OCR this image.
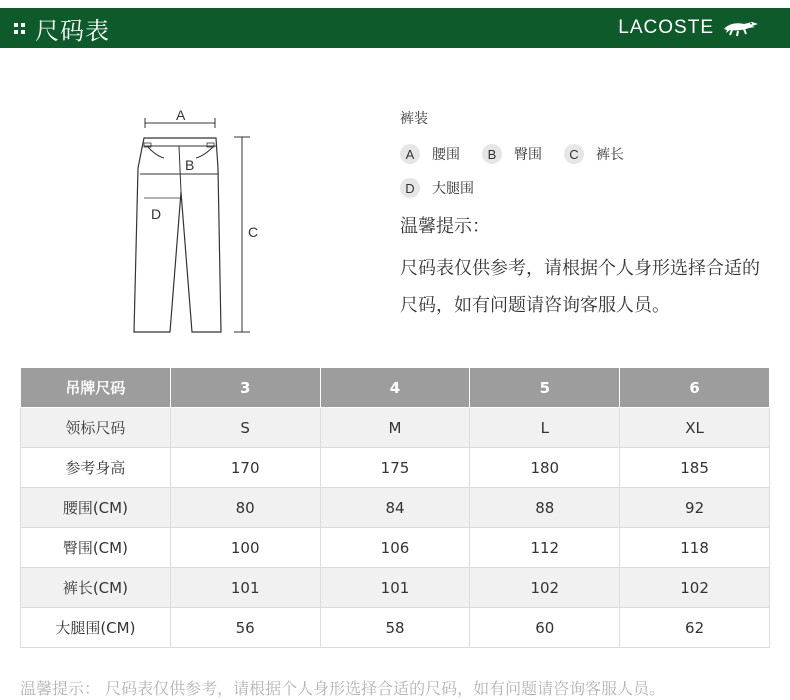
尺码表	LACOSTE
A
B
D
C
裤装
A	腰围	B	臀围	C	裤长
D	大腿围
温馨提示：
尺码表仅供参考，请根据个人身形选择合适的尺码，如有问题请咨询客服人员。
吊牌尺码	3	4	5	6
领标尺码	S	M	L	XL
参考身高	170	175	180	185
腰围(CM)	80	84	88	92
臀围(CM)	100	106	112	118
裤长(CM)	101	101	102	102
大腿围(CM)	56	58	60	62
温馨提示： 尺码表仅供参考，请根据个人身形选择合适的尺码，如有问题请咨询客服人员。
